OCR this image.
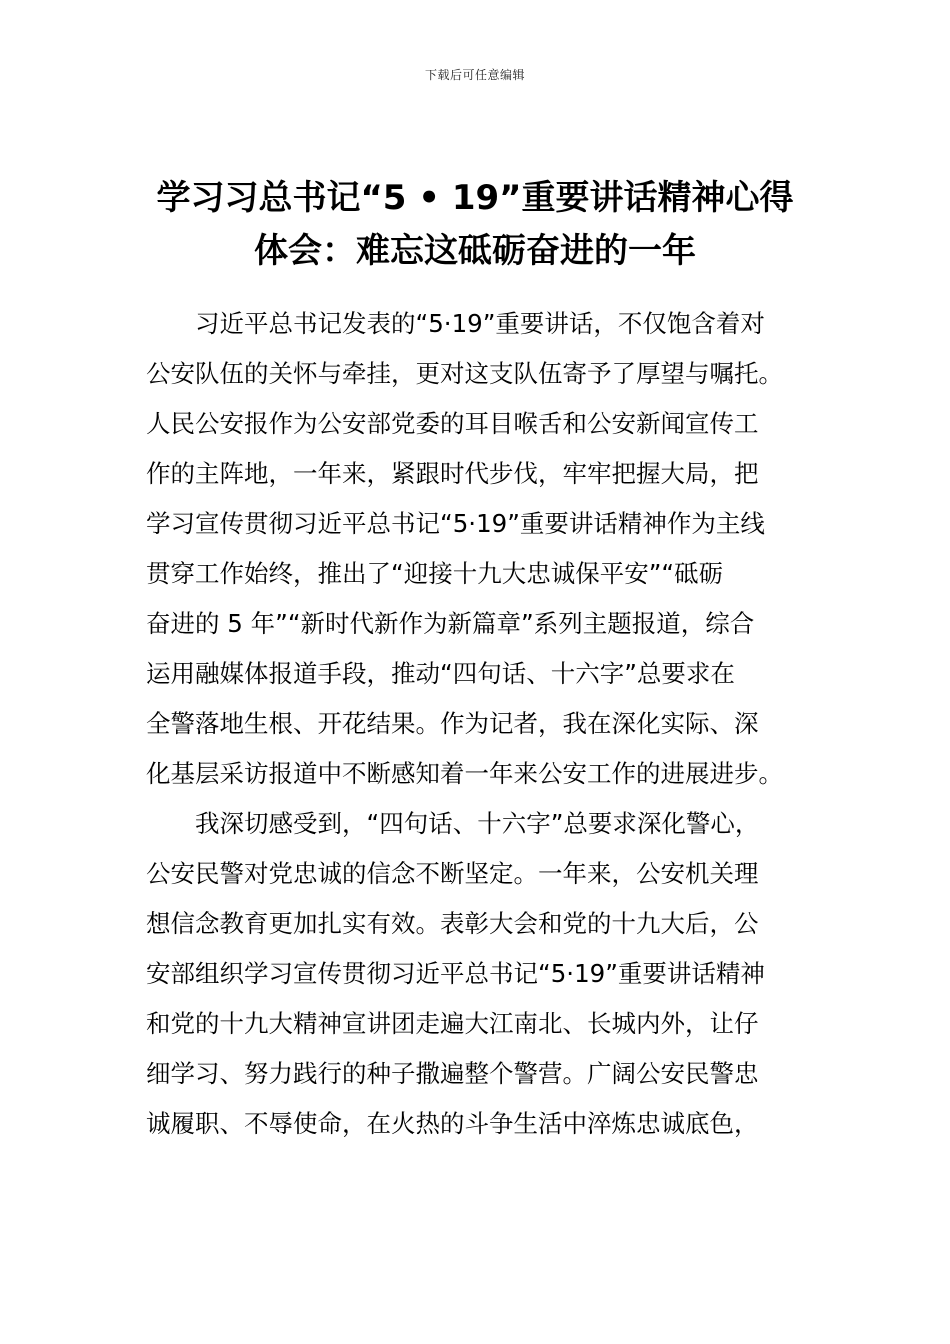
下载后可任意编辑
学习习总书记“5 • 19”重要讲话精神心得
体会：难忘这砥砺奋进的一年
习近平总书记发表的“5·19”重要讲话，不仅饱含着对
公安队伍的关怀与牵挂，更对这支队伍寄予了厚望与嘱托。
人民公安报作为公安部党委的耳目喉舌和公安新闻宣传工
作的主阵地，一年来，紧跟时代步伐，牢牢把握大局，把
学习宣传贯彻习近平总书记“5·19”重要讲话精神作为主线
贯穿工作始终，推出了“迎接十九大忠诚保平安”“砥砺
奋进的 5 年”“新时代新作为新篇章”系列主题报道，综合
运用融媒体报道手段，推动“四句话、十六字”总要求在
全警落地生根、开花结果。作为记者，我在深化实际、深
化基层采访报道中不断感知着一年来公安工作的进展进步。
我深切感受到，“四句话、十六字”总要求深化警心，
公安民警对党忠诚的信念不断坚定。一年来，公安机关理
想信念教育更加扎实有效。表彰大会和党的十九大后，公
安部组织学习宣传贯彻习近平总书记“5·19”重要讲话精神
和党的十九大精神宣讲团走遍大江南北、长城内外，让仔
细学习、努力践行的种子撒遍整个警营。广阔公安民警忠
诚履职、不辱使命，在火热的斗争生活中淬炼忠诚底色，
